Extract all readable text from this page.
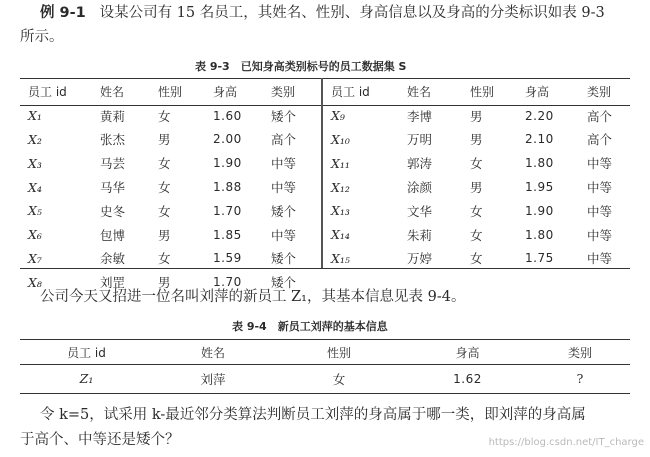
例 9-1 设某公司有 15 名员工，其姓名、性别、身高信息以及身高的分类标识如表 9-3
所示。
表 9-3　已知身高类别标号的员工数据集 S
员工 id	姓名	性别	身高	类别
X₁	黄莉	女	1.60	矮个
X₂	张杰	男	2.00	高个
X₃	马芸	女	1.90	中等
X₄	马华	女	1.88	中等
X₅	史冬	女	1.70	矮个
X₆	包博	男	1.85	中等
X₇	余敏	女	1.59	矮个
X₈	刘罡	男	1.70	矮个
员工 id	姓名	性别	身高	类别
X₉	李博	男	2.20	高个
X₁₀	万明	男	2.10	高个
X₁₁	郭涛	女	1.80	中等
X₁₂	涂颜	男	1.95	中等
X₁₃	文华	女	1.90	中等
X₁₄	朱莉	女	1.80	中等
X₁₅	万婷	女	1.75	中等
公司今天又招进一位名叫刘萍的新员工 Z₁，其基本信息见表 9-4。
表 9-4　新员工刘萍的基本信息
员工 id	姓名	性别	身高	类别
Z₁	刘萍	女	1.62	?
令 k=5，试采用 k-最近邻分类算法判断员工刘萍的身高属于哪一类，即刘萍的身高属
于高个、中等还是矮个？	https://blog.csdn.net/IT_charge
